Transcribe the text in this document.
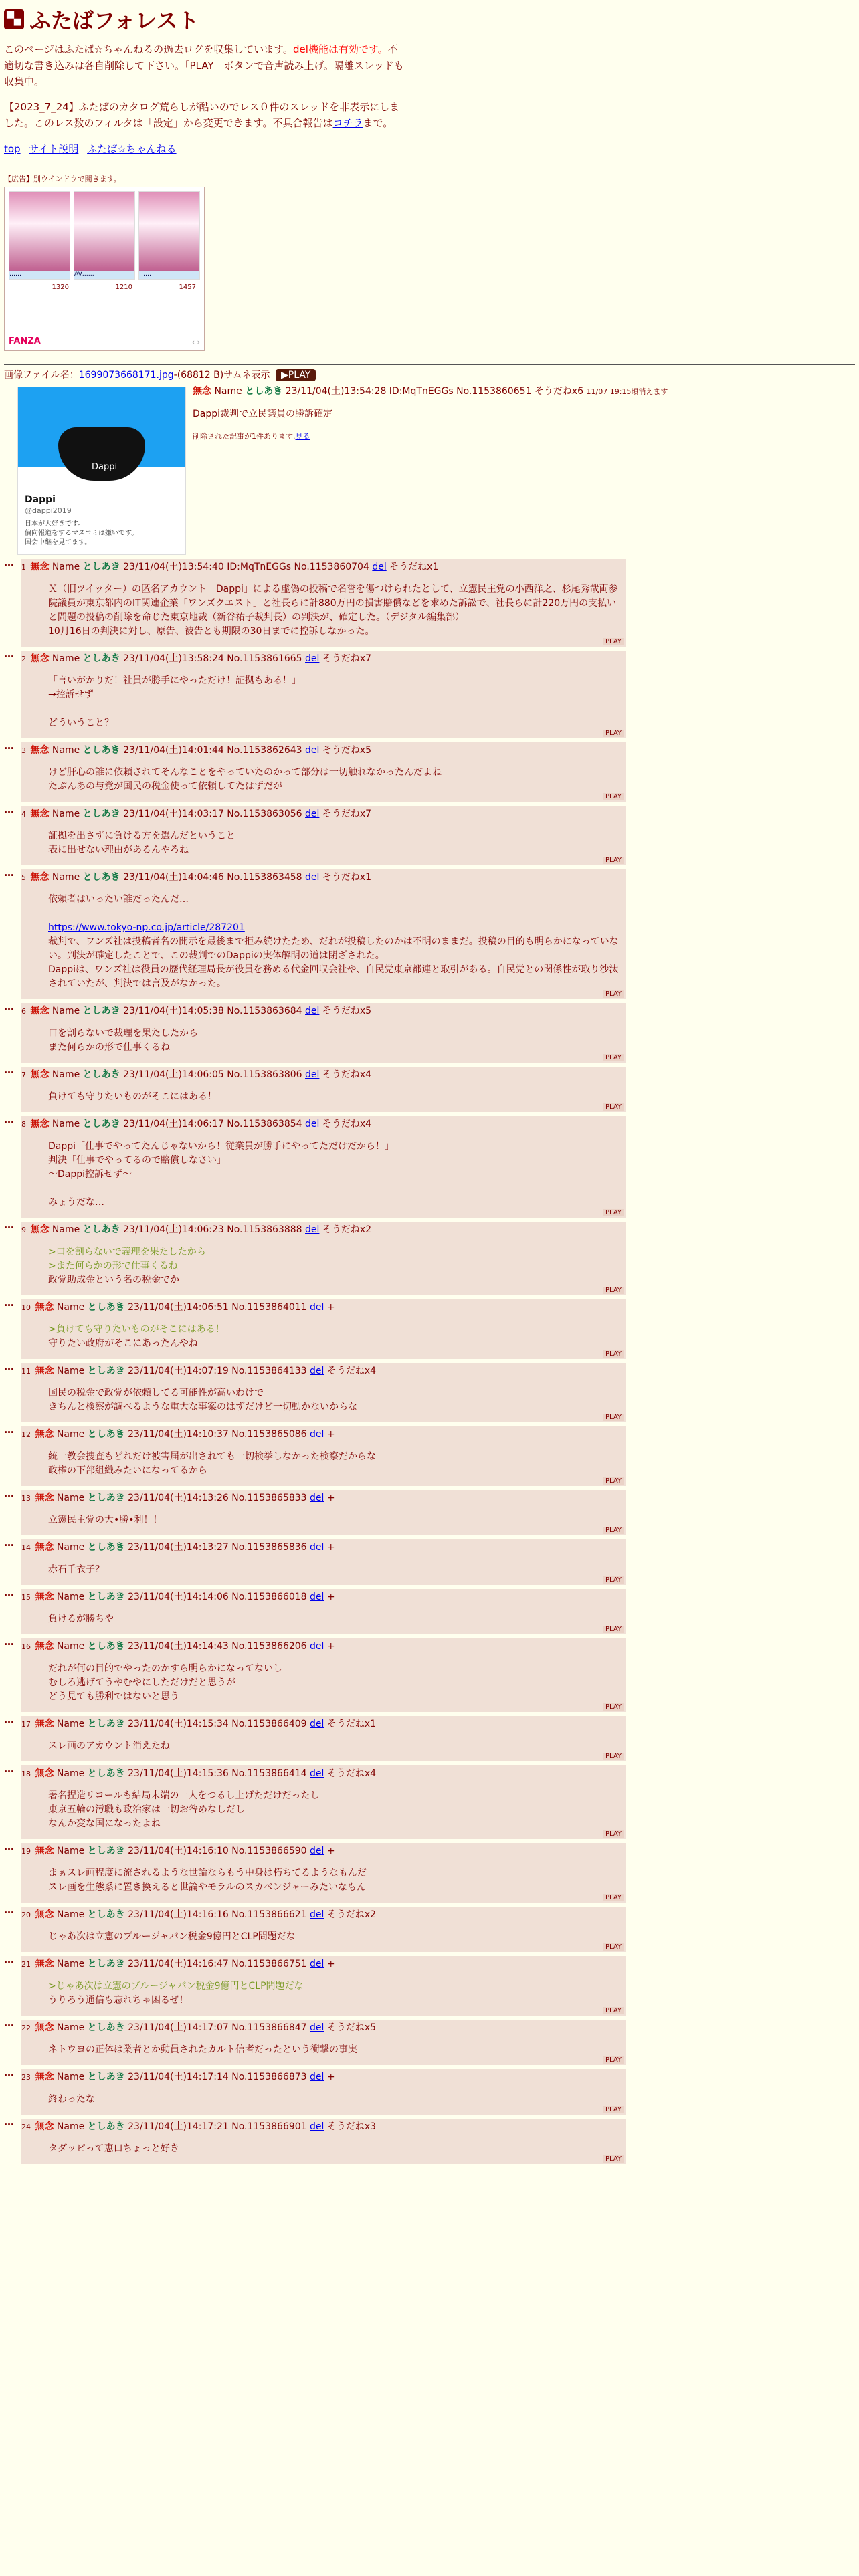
▀▄ ふたばフォレスト
このページはふたば☆ちゃんねるの過去ログを収集しています。del機能は有効です。不適切な書き込みは各自削除して下さい。「PLAY」ボタンで音声読み上げ。隔離スレッドも収集中。
【2023_7_24】ふたばのカタログ荒らしが酷いのでレス０件のスレッドを非表示にしました。このレス数のフィルタは「設定」から変更できます。不具合報告はコチラまで。
top サイト説明 ふたば☆ちゃんねる
【広告】別ウインドウで開きます。
……	AV……	……
1320	1210	1457
FANZA	‹ ›
画像ファイル名：1699073668171.jpg-(68812 B)サムネ表示 ▶PLAY
Dappi
Dappi
@dappi2019
日本が大好きです。
偏向報道をするマスコミは嫌いです。
国会中継を見てます。
無念 Name としあき 23/11/04(土)13:54:28 ID:MqTnEGGs No.1153860651 そうだねx6 11/07 19:15頃消えます
Dappi裁判で立民議員の勝訴確定
削除された記事が1件あります.見る
…	1 無念 Name としあき 23/11/04(土)13:54:40 ID:MqTnEGGs No.1153860704 del そうだねx1
Ｘ（旧ツイッター）の匿名アカウント「Dappi」による虚偽の投稿で名誉を傷つけられたとして、立憲民主党の小西洋之、杉尾秀哉両参院議員が東京都内のIT関連企業「ワンズクエスト」と社長らに計880万円の損害賠償などを求めた訴訟で、社長らに計220万円の支払いと問題の投稿の削除を命じた東京地裁（新谷祐子裁判長）の判決が、確定した。（デジタル編集部）
10月16日の判決に対し、原告、被告とも期限の30日までに控訴しなかった。
PLAY
…	2 無念 Name としあき 23/11/04(土)13:58:24 No.1153861665 del そうだねx7
「言いがかりだ！社員が勝手にやっただけ！証拠もある！」
→控訴せず

どういうこと？
PLAY
…	3 無念 Name としあき 23/11/04(土)14:01:44 No.1153862643 del そうだねx5
けど肝心の誰に依頼されてそんなことをやっていたのかって部分は一切触れなかったんだよね
たぶんあの与党が国民の税金使って依頼してたはずだが
PLAY
…	4 無念 Name としあき 23/11/04(土)14:03:17 No.1153863056 del そうだねx7
証拠を出さずに負ける方を選んだということ
表に出せない理由があるんやろね
PLAY
…	5 無念 Name としあき 23/11/04(土)14:04:46 No.1153863458 del そうだねx1
依頼者はいったい誰だったんだ…

https://www.tokyo-np.co.jp/article/287201
裁判で、ワンズ社は投稿者名の開示を最後まで拒み続けたため、だれが投稿したのかは不明のままだ。投稿の目的も明らかになっていない。判決が確定したことで、この裁判でのDappiの実体解明の道は閉ざされた。
Dappiは、ワンズ社は役員の歴代経理局長が役員を務める代金回収会社や、自民党東京都連と取引がある。自民党との関係性が取り沙汰されていたが、判決では言及がなかった。
PLAY
…	6 無念 Name としあき 23/11/04(土)14:05:38 No.1153863684 del そうだねx5
口を割らないで裁理を果たしたから
また何らかの形で仕事くるね
PLAY
…	7 無念 Name としあき 23/11/04(土)14:06:05 No.1153863806 del そうだねx4
負けても守りたいものがそこにはある！
PLAY
…	8 無念 Name としあき 23/11/04(土)14:06:17 No.1153863854 del そうだねx4
Dappi「仕事でやってたんじゃないから！従業員が勝手にやってただけだから！」
判決「仕事でやってるので賠償しなさい」
〜Dappi控訴せず〜

みょうだな…
PLAY
…	9 無念 Name としあき 23/11/04(土)14:06:23 No.1153863888 del そうだねx2
>口を割らないで義理を果たしたから
>また何らかの形で仕事くるね
政党助成金という名の税金でか
PLAY
…	10 無念 Name としあき 23/11/04(土)14:06:51 No.1153864011 del +
>負けても守りたいものがそこにはある！
守りたい政府がそこにあったんやね
PLAY
…	11 無念 Name としあき 23/11/04(土)14:07:19 No.1153864133 del そうだねx4
国民の税金で政党が依頼してる可能性が高いわけで
きちんと検察が調べるような重大な事案のはずだけど一切動かないからな
PLAY
…	12 無念 Name としあき 23/11/04(土)14:10:37 No.1153865086 del +
統一教会捜査もどれだけ被害届が出されても一切検挙しなかった検察だからな
政権の下部組織みたいになってるから
PLAY
…	13 無念 Name としあき 23/11/04(土)14:13:26 No.1153865833 del +
立憲民主党の大•勝•利！！
PLAY
…	14 無念 Name としあき 23/11/04(土)14:13:27 No.1153865836 del +
赤石千衣子？
PLAY
…	15 無念 Name としあき 23/11/04(土)14:14:06 No.1153866018 del +
負けるが勝ちや
PLAY
…	16 無念 Name としあき 23/11/04(土)14:14:43 No.1153866206 del +
だれが何の目的でやったのかすら明らかになってないし
むしろ逃げてうやむやにしただけだと思うが
どう見ても勝利ではないと思う
PLAY
…	17 無念 Name としあき 23/11/04(土)14:15:34 No.1153866409 del そうだねx1
スレ画のアカウント消えたね
PLAY
…	18 無念 Name としあき 23/11/04(土)14:15:36 No.1153866414 del そうだねx4
署名捏造リコールも結局末端の一人をつるし上げただけだったし
東京五輪の汚職も政治家は一切お咎めなしだし
なんか変な国になったよね
PLAY
…	19 無念 Name としあき 23/11/04(土)14:16:10 No.1153866590 del +
まぁスレ画程度に流されるような世論ならもう中身は朽ちてるようなもんだ
スレ画を生態系に置き換えると世論やモラルのスカベンジャーみたいなもん
PLAY
…	20 無念 Name としあき 23/11/04(土)14:16:16 No.1153866621 del そうだねx2
じゃあ次は立憲のブルージャパン税金9億円とCLP問題だな
PLAY
…	21 無念 Name としあき 23/11/04(土)14:16:47 No.1153866751 del +
>じゃあ次は立憲のブルージャパン税金9億円とCLP問題だな
うりろう通信も忘れちゃ困るぜ！
PLAY
…	22 無念 Name としあき 23/11/04(土)14:17:07 No.1153866847 del そうだねx5
ネトウヨの正体は業者とか動員されたカルト信者だったという衝撃の事実
PLAY
…	23 無念 Name としあき 23/11/04(土)14:17:14 No.1153866873 del +
終わったな
PLAY
…	24 無念 Name としあき 23/11/04(土)14:17:21 No.1153866901 del そうだねx3
タダッピって恵口ちょっと好き
PLAY
